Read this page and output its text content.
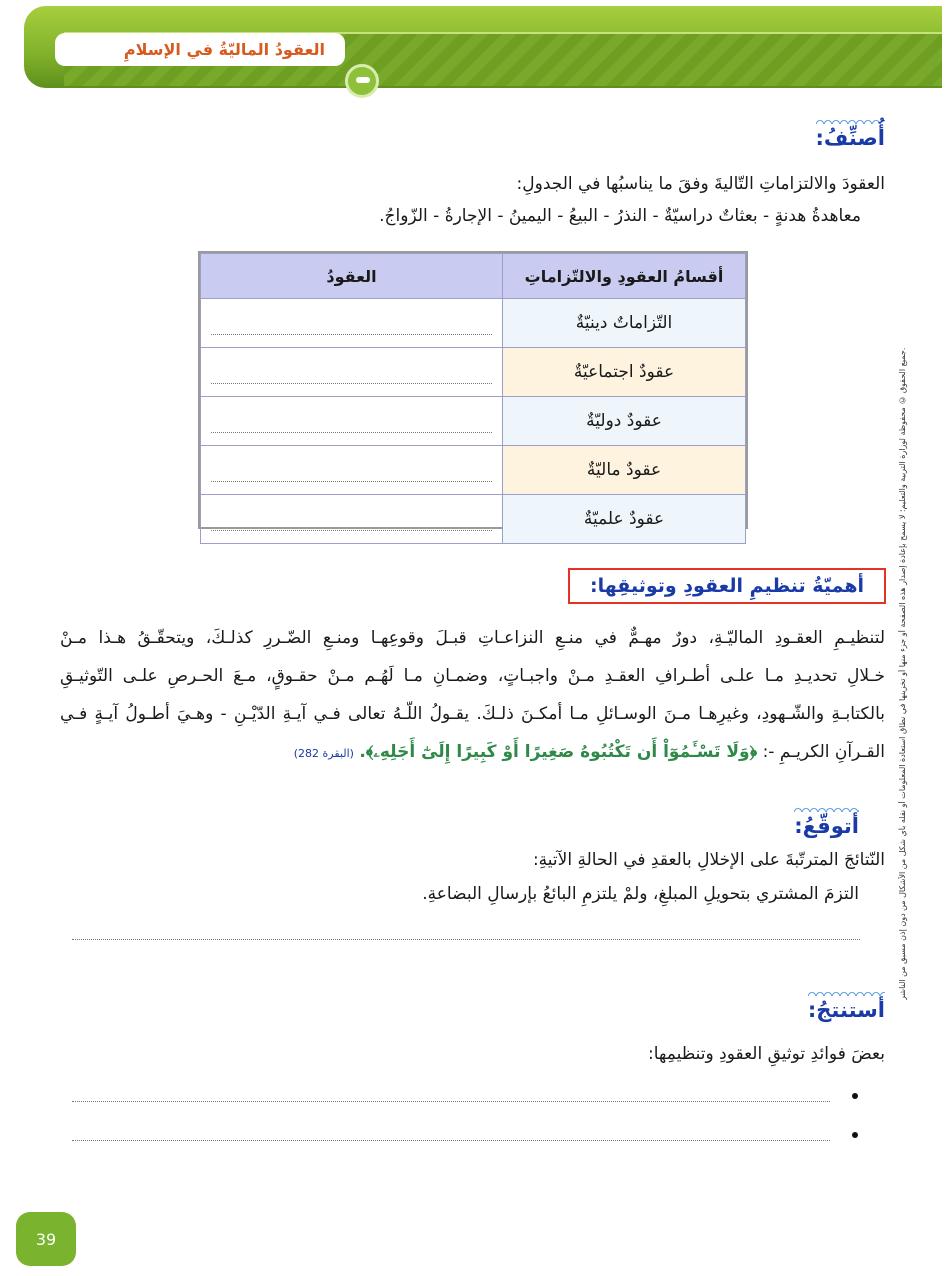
العقودُ الماليّةُ في الإسلامِ
جميع الحقوق © محفوظة لوزارة التربية والتعليم؛ لا يسمح بإعادة إصدار هذه الصفحة أو جزء منها أو تخزينها في نطاق استعادة المعلومات أو نقله بأي شكل من الأشكال من دون إذن مسبق من الناشر.
أُصنِّفُ:
العقودَ والالتزاماتِ التّاليةَ وفقَ ما يناسبُها في الجدولِ:
معاهدةُ هدنةٍ - بعثاتٌ دراسيّةٌ - النذرُ - البيعُ - اليمينُ - الإجارةُ - الزّواجُ.
أقسامُ العقودِ والالتّزاماتِ	العقودُ
التّزاماتٌ دينيّةٌ	

عقودٌ اجتماعيّةٌ	

عقودٌ دوليّةٌ	

عقودٌ ماليّةٌ	

عقودٌ علميّةٌ	
أهميّةُ تنظيمِ العقودِ وتوثيقِها:
لتنظيـمِ العقـودِ الماليّـةِ، دورٌ مهـمٌّ في منـعِ النزاعـاتِ قبـلَ وقوعِهـا ومنـعِ الضّـررِ كذلـكَ، ويتحقّـقُ هـذا مـنْ
خـلالِ تحديـدِ مـا علـى أطـرافِ العقـدِ مـنْ واجبـاتٍ، وضمـانِ مـا لَهُـم مـنْ حقـوقٍ، مـعَ الحـرصِ علـى التّوثيـقِ
بالكتابـةِ والشّـهودِ، وغيرِهـا مـنَ الوسـائلِ مـا أمكـنَ ذلـكَ. يقـولُ اللّـهُ تعالى فـي آيـةِ الدّيْـنِ - وهـيَ أطـولُ آيـةٍ فـي
القـرآنِ الكريـمِ -: ﴿وَلَا تَسْـَٔمُوٓاْ أَن تَكْتُبُوهُ صَغِيرًا أَوْ كَبِيرًا إِلَىٰٓ أَجَلِهِۦ﴾. (البقرة 282)
أتوقّعُ:
النّتائجَ المترتّبةَ على الإخلالِ بالعقدِ في الحالةِ الآتيةِ:
التزمَ المشتري بتحويلِ المبلغِ، ولمْ يلتزمِ البائعُ بإرسالِ البضاعةِ.
أستنتجُ:
بعضَ فوائدِ توثيقِ العقودِ وتنظيمِها:
39
